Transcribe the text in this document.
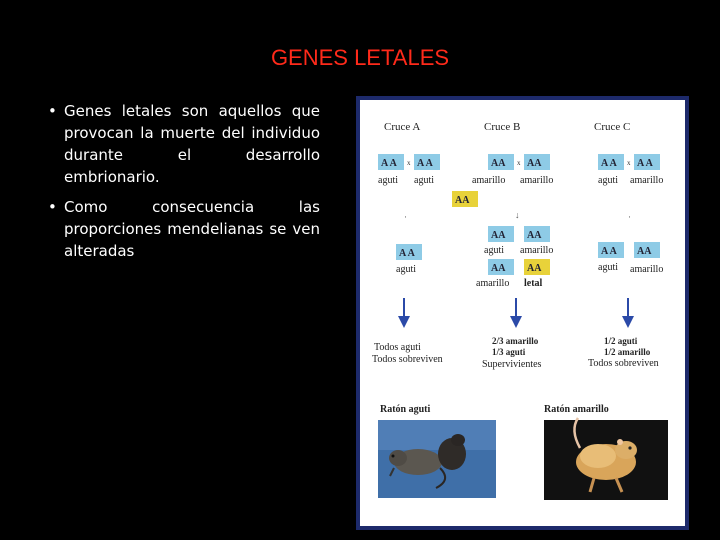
GENES LETALES
• Genes letales son aquellos que provocan la muerte del individuo durante el desarrollo embrionario.
• Como consecuencia las proporciones mendelianas se ven alteradas
Cruce A	Cruce B	Cruce C
A A x A A
aguti aguti
AA x AA
amarillo amarillo
AA
A A x A A
aguti amarillo
·	↓	·
A A
aguti
AA AA
aguti amarillo
AA AA
amarillo letal
A A AA
aguti amarillo
Todos aguti
Todos sobreviven
2/3 amarillo
1/3 aguti
Supervivientes
1/2 aguti
1/2 amarillo
Todos sobreviven
Ratón aguti	Ratón amarillo
